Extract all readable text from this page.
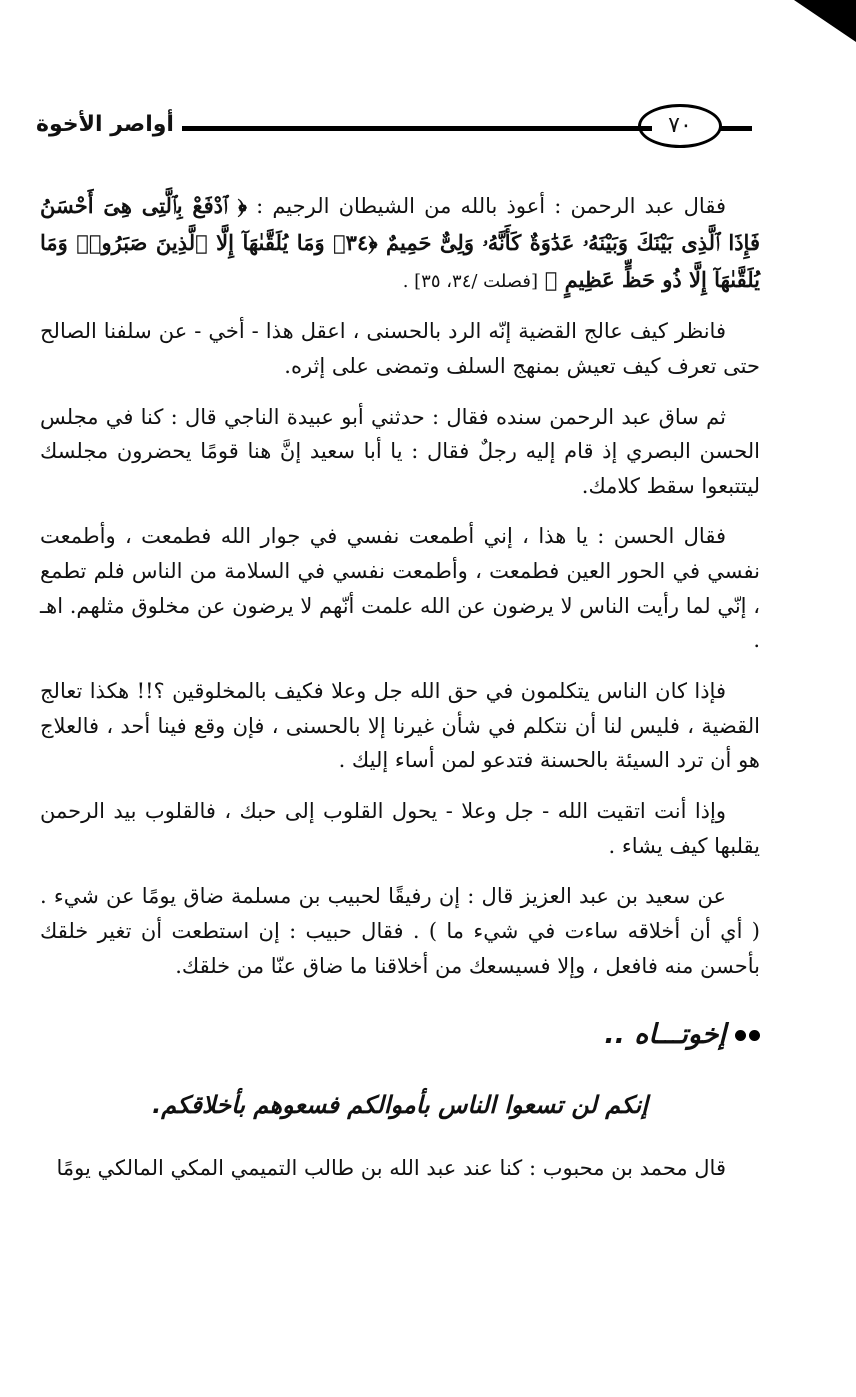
أواصر الأخوة	٧٠

فقال عبد الرحمن : أعوذ بالله من الشيطان الرجيم : ﴿ ٱدْفَعْ بِٱلَّتِى هِىَ أَحْسَنُ فَإِذَا ٱلَّذِى بَيْنَكَ وَبَيْنَهُۥ عَدَٰوَةٌ كَأَنَّهُۥ وَلِىٌّ حَمِيمٌ ﴿٣٤﴾ وَمَا يُلَقَّىٰهَآ إِلَّا ٱلَّذِينَ صَبَرُوا۟ وَمَا يُلَقَّىٰهَآ إِلَّا ذُو حَظٍّ عَظِيمٍ ﴾ [فصلت /٣٤، ٣٥] .

فانظر كيف عالج القضية إنّه الرد بالحسنى ، اعقل هذا - أخي - عن سلفنا الصالح حتى تعرف كيف تعيش بمنهج السلف وتمضى على إثره.

ثم ساق عبد الرحمن سنده فقال : حدثني أبو عبيدة الناجي قال : كنا في مجلس الحسن البصري إذ قام إليه رجلٌ فقال : يا أبا سعيد إنَّ هنا قومًا يحضرون مجلسك ليتتبعوا سقط كلامك.

فقال الحسن : يا هذا ، إني أطمعت نفسي في جوار الله فطمعت ، وأطمعت نفسي في الحور العين فطمعت ، وأطمعت نفسي في السلامة من الناس فلم تطمع ، إنّي لما رأيت الناس لا يرضون عن الله علمت أنّهم لا يرضون عن مخلوق مثلهم. اهـ .

فإذا كان الناس يتكلمون في حق الله جل وعلا فكيف بالمخلوقين ؟!! هكذا تعالج القضية ، فليس لنا أن نتكلم في شأن غيرنا إلا بالحسنى ، فإن وقع فينا أحد ، فالعلاج هو أن ترد السيئة بالحسنة فتدعو لمن أساء إليك .

وإذا أنت اتقيت الله - جل وعلا - يحول القلوب إلى حبك ، فالقلوب بيد الرحمن يقلبها كيف يشاء .

عن سعيد بن عبد العزيز قال : إن رفيقًا لحبيب بن مسلمة ضاق يومًا عن شيء . ( أي أن أخلاقه ساءت في شيء ما ) . فقال حبيب : إن استطعت أن تغير خلقك بأحسن منه فافعل ، وإلا فسيسعك من أخلاقنا ما ضاق عنّا من خلقك.

إخوتـــاه ..
إنكم لن تسعوا الناس بأموالكم فسعوهم بأخلاقكم.

قال محمد بن محبوب : كنا عند عبد الله بن طالب التميمي المكي المالكي يومًا
